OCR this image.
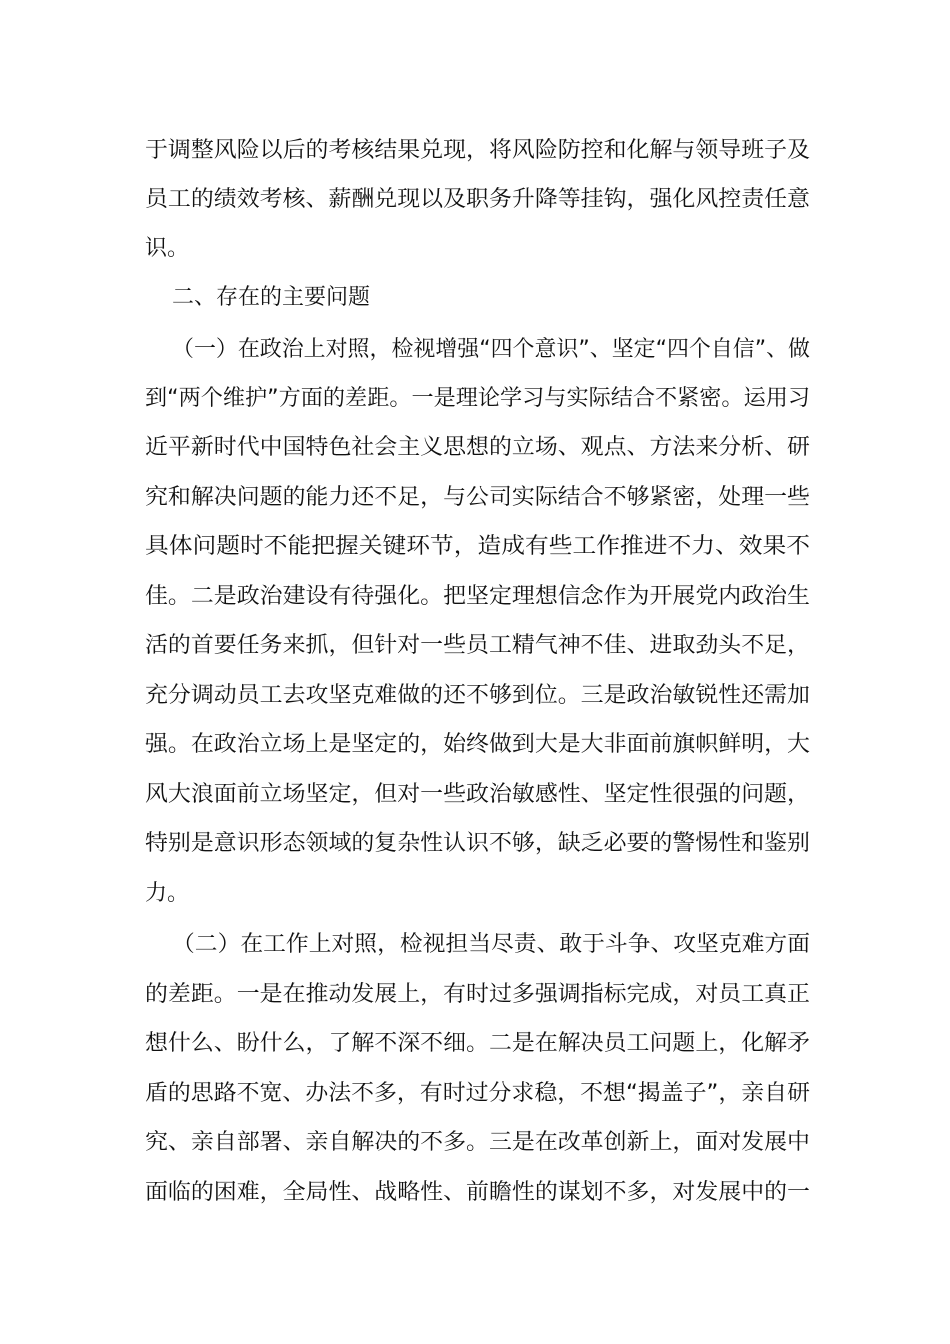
于调整风险以后的考核结果兑现，将风险防控和化解与领导班子及
员工的绩效考核、薪酬兑现以及职务升降等挂钩，强化风控责任意
识。
二、存在的主要问题
（一）在政治上对照，检视增强“四个意识”、坚定“四个自信”、做
到“两个维护”方面的差距。一是理论学习与实际结合不紧密。运用习
近平新时代中国特色社会主义思想的立场、观点、方法来分析、研
究和解决问题的能力还不足，与公司实际结合不够紧密，处理一些
具体问题时不能把握关键环节，造成有些工作推进不力、效果不
佳。二是政治建设有待强化。把坚定理想信念作为开展党内政治生
活的首要任务来抓，但针对一些员工精气神不佳、进取劲头不足，
充分调动员工去攻坚克难做的还不够到位。三是政治敏锐性还需加
强。在政治立场上是坚定的，始终做到大是大非面前旗帜鲜明，大
风大浪面前立场坚定，但对一些政治敏感性、坚定性很强的问题，
特别是意识形态领域的复杂性认识不够，缺乏必要的警惕性和鉴别
力。
（二）在工作上对照，检视担当尽责、敢于斗争、攻坚克难方面
的差距。一是在推动发展上，有时过多强调指标完成，对员工真正
想什么、盼什么，了解不深不细。二是在解决员工问题上，化解矛
盾的思路不宽、办法不多，有时过分求稳，不想“揭盖子”，亲自研
究、亲自部署、亲自解决的不多。三是在改革创新上，面对发展中
面临的困难，全局性、战略性、前瞻性的谋划不多，对发展中的一
